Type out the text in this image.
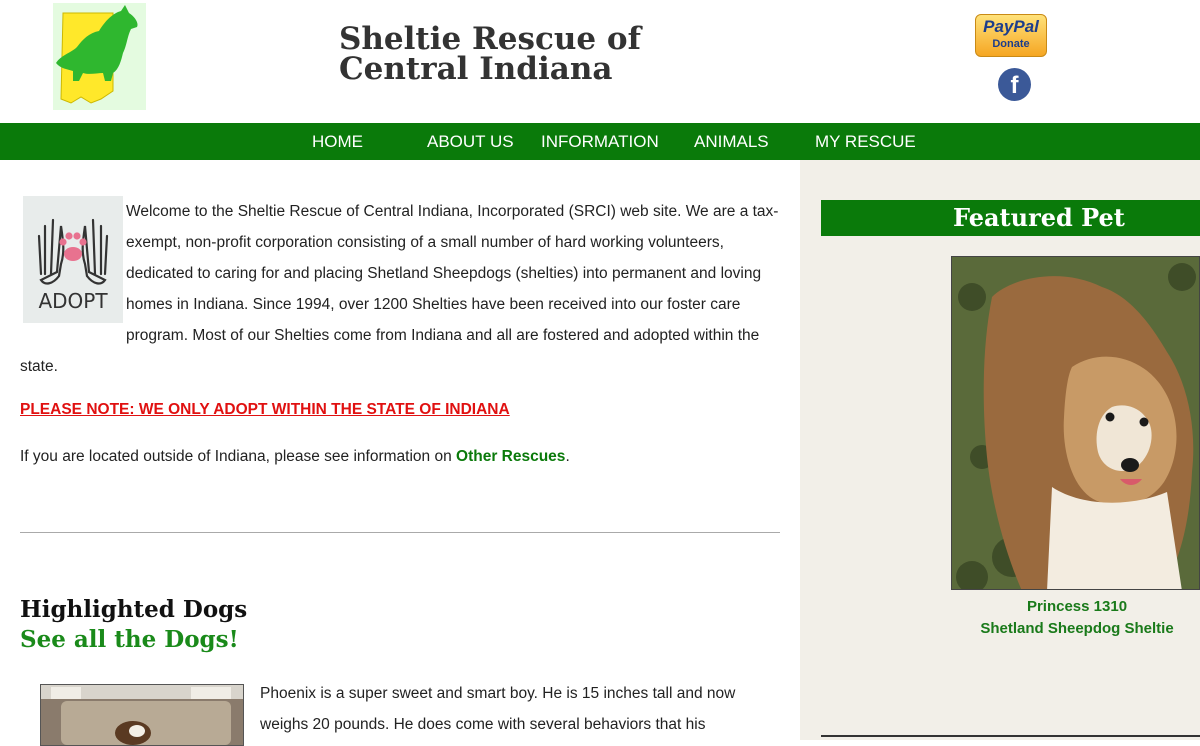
Sheltie Rescue of Central Indiana
PayPal
Donate
f
HOME	ABOUT US INFORMATION ANIMALS	MY RESCUE
ADOPT
Welcome to the Sheltie Rescue of Central Indiana, Incorporated (SRCI) web site. We are a tax-exempt, non-profit corporation consisting of a small number of hard working volunteers, dedicated to caring for and placing Shetland Sheepdogs (shelties) into permanent and loving homes in Indiana. Since 1994, over 1200 Shelties have been received into our foster care program. Most of our Shelties come from Indiana and all are fostered and adopted within the state.
PLEASE NOTE: WE ONLY ADOPT WITHIN THE STATE OF INDIANA
If you are located outside of Indiana, please see information on Other Rescues.
Highlighted Dogs
See all the Dogs!
Phoenix is a super sweet and smart boy. He is 15 inches tall and now weighs 20 pounds. He does come with several behaviors that his
Featured Pet
Princess 1310
Shetland Sheepdog Sheltie
